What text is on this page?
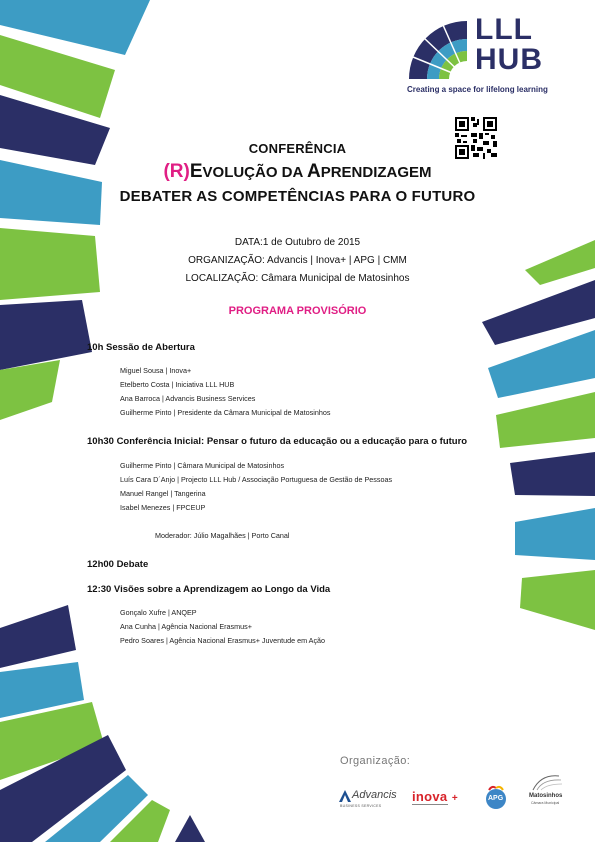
LLL
HUB
Creating a space for lifelong learning
CONFERÊNCIA
(R)EVOLUÇÃO DA APRENDIZAGEM
DEBATER AS COMPETÊNCIAS PARA O FUTURO
DATA:1 de Outubro de 2015
ORGANIZAÇÃO: Advancis | Inova+ | APG | CMM
LOCALIZAÇÃO: Câmara Municipal de Matosinhos
PROGRAMA PROVISÓRIO
10h Sessão de Abertura
Miguel Sousa | Inova+
Etelberto Costa | Iniciativa LLL HUB
Ana Barroca | Advancis Business Services
Guilherme Pinto | Presidente da Câmara Municipal de Matosinhos
10h30 Conferência Inicial: Pensar o futuro da educação ou a educação para o futuro
Guilherme Pinto | Câmara Municipal de Matosinhos
Luís Cara D´Anjo | Projecto LLL Hub / Associação Portuguesa de Gestão de Pessoas
Manuel Rangel | Tangerina
Isabel Menezes | FPCEUP
Moderador: Júlio Magalhães | Porto Canal
12h00 Debate
12:30 Visões sobre a Aprendizagem ao Longo da Vida
Gonçalo Xufre | ANQEP
Ana Cunha | Agência Nacional Erasmus+
Pedro Soares | Agência Nacional Erasmus+ Juventude em Ação
Organização:
Advancis
BUSINESS SERVICES
inova +	APG	Matosinhos
Câmara Municipal
